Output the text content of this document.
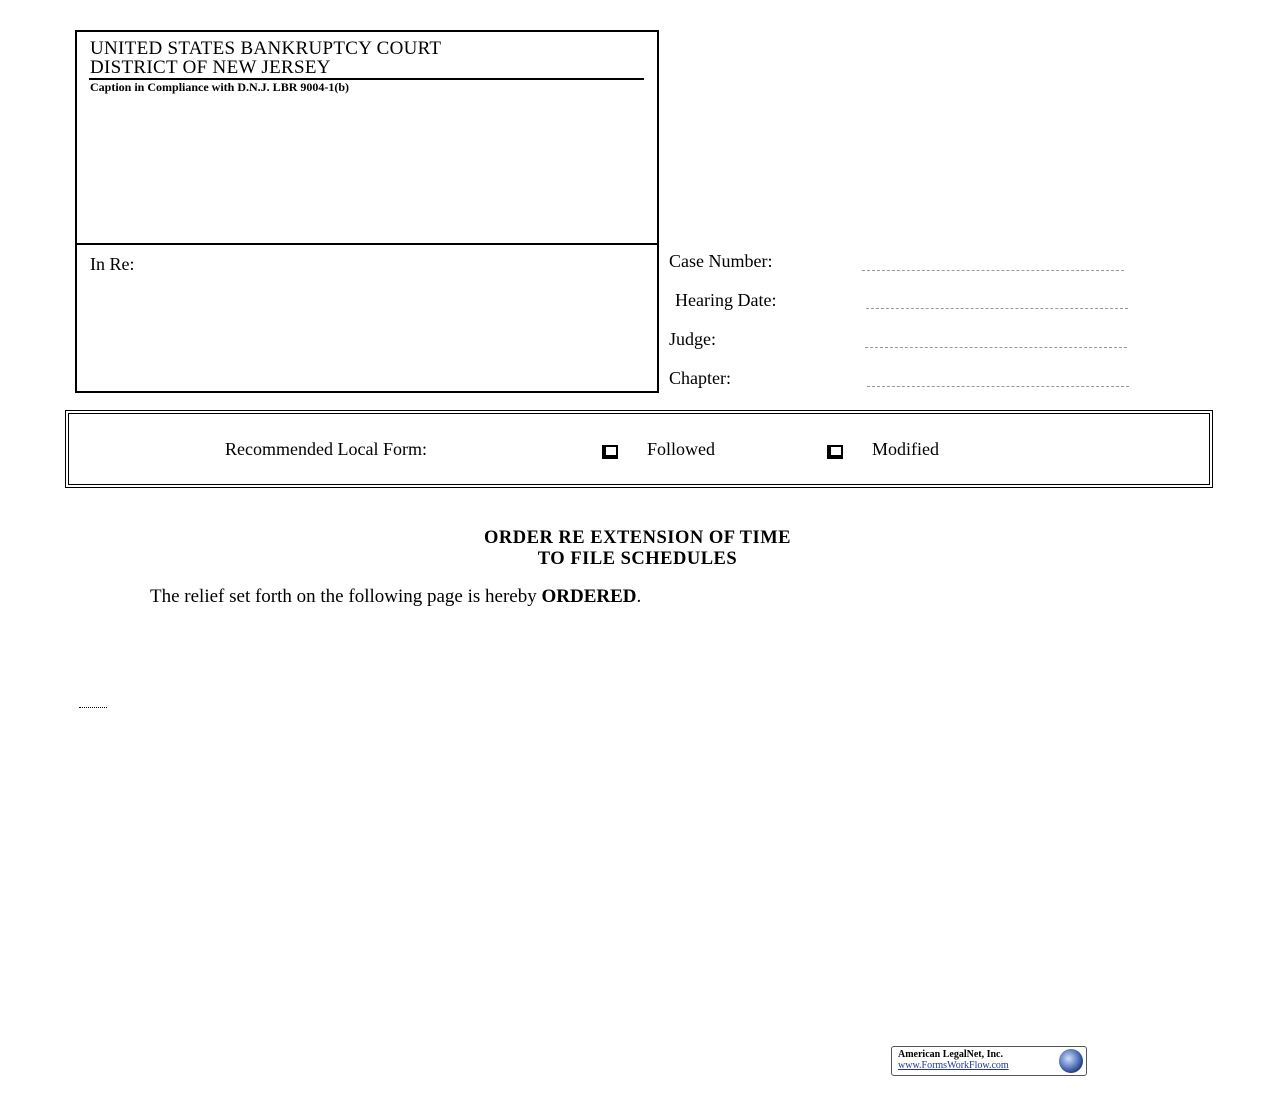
UNITED STATES BANKRUPTCY COURT
DISTRICT OF NEW JERSEY
Caption in Compliance with D.N.J. LBR 9004-1(b)
In Re:	Case Number:
Hearing Date:
Judge:
Chapter:
Recommended Local Form:	Followed	Modified
ORDER RE EXTENSION OF TIME
TO FILE SCHEDULES
The relief set forth on the following page is hereby ORDERED.
American LegalNet, Inc.
www.FormsWorkFlow.com
